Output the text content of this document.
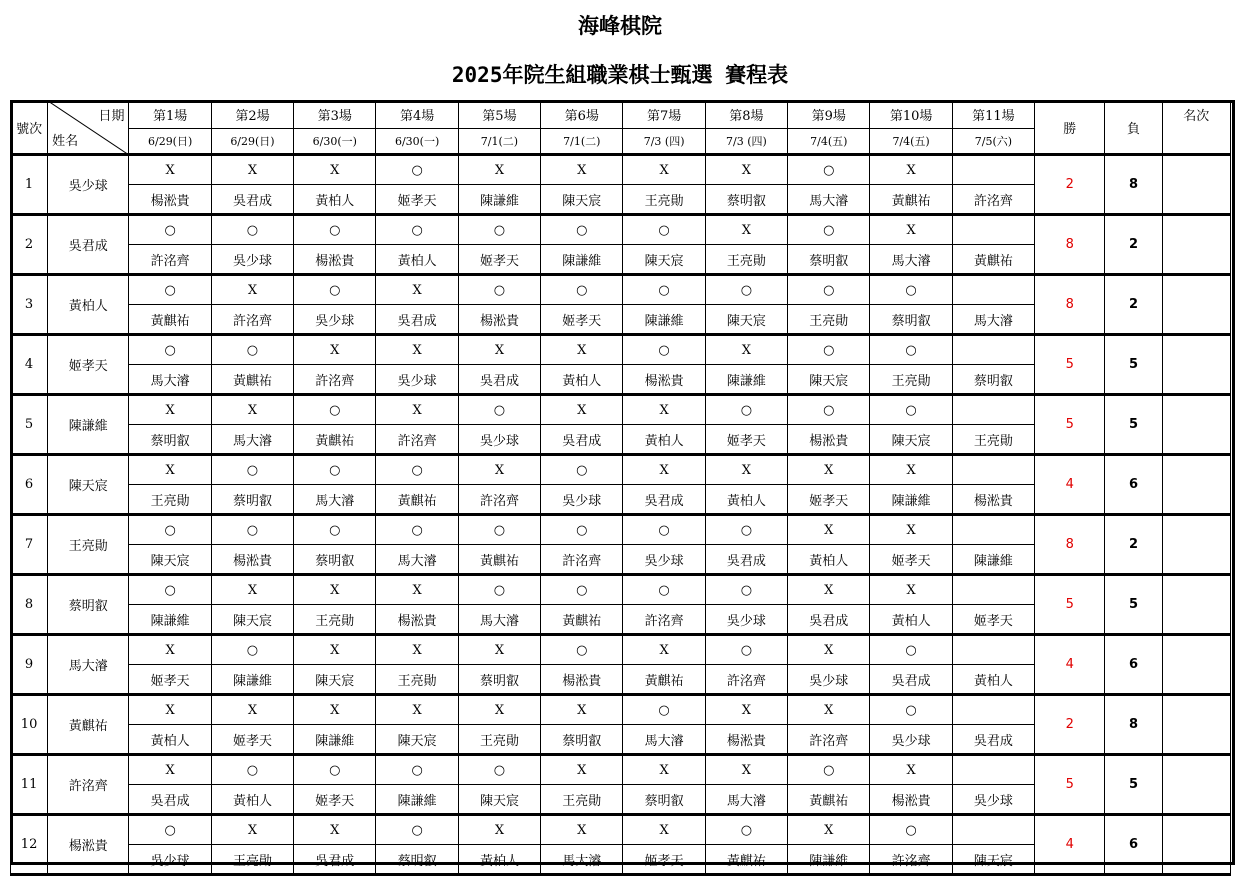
海峰棋院
2025年院生組職業棋士甄選 賽程表
號次	日期
姓名	第1場	第2場	第3場	第4場	第5場	第6場	第7場	第8場	第9場	第10場	第11場	勝	負	名次
		6/29(日)	6/29(日)	6/30(一)	6/30(一)	7/1(二)	7/1(二)	7/3 (四)	7/3 (四)	7/4(五)	7/4(五)	7/5(六)			
1	吳少球	X	X	X	○	X	X	X	X	○	X		2	8	
		楊淞貴	吳君成	黃柏人	姬孝天	陳謙維	陳天宸	王亮勛	蔡明叡	馬大濬	黃麒祐	許洺齊			
2	吳君成	○	○	○	○	○	○	○	X	○	X		8	2	
		許洺齊	吳少球	楊淞貴	黃柏人	姬孝天	陳謙維	陳天宸	王亮勛	蔡明叡	馬大濬	黃麒祐			
3	黃柏人	○	X	○	X	○	○	○	○	○	○		8	2	
		黃麒祐	許洺齊	吳少球	吳君成	楊淞貴	姬孝天	陳謙維	陳天宸	王亮勛	蔡明叡	馬大濬			
4	姬孝天	○	○	X	X	X	X	○	X	○	○		5	5	
		馬大濬	黃麒祐	許洺齊	吳少球	吳君成	黃柏人	楊淞貴	陳謙維	陳天宸	王亮勛	蔡明叡			
5	陳謙維	X	X	○	X	○	X	X	○	○	○		5	5	
		蔡明叡	馬大濬	黃麒祐	許洺齊	吳少球	吳君成	黃柏人	姬孝天	楊淞貴	陳天宸	王亮勛			
6	陳天宸	X	○	○	○	X	○	X	X	X	X		4	6	
		王亮勛	蔡明叡	馬大濬	黃麒祐	許洺齊	吳少球	吳君成	黃柏人	姬孝天	陳謙維	楊淞貴			
7	王亮勛	○	○	○	○	○	○	○	○	X	X		8	2	
		陳天宸	楊淞貴	蔡明叡	馬大濬	黃麒祐	許洺齊	吳少球	吳君成	黃柏人	姬孝天	陳謙維			
8	蔡明叡	○	X	X	X	○	○	○	○	X	X		5	5	
		陳謙維	陳天宸	王亮勛	楊淞貴	馬大濬	黃麒祐	許洺齊	吳少球	吳君成	黃柏人	姬孝天			
9	馬大濬	X	○	X	X	X	○	X	○	X	○		4	6	
		姬孝天	陳謙維	陳天宸	王亮勛	蔡明叡	楊淞貴	黃麒祐	許洺齊	吳少球	吳君成	黃柏人			
10	黃麒祐	X	X	X	X	X	X	○	X	X	○		2	8	
		黃柏人	姬孝天	陳謙維	陳天宸	王亮勛	蔡明叡	馬大濬	楊淞貴	許洺齊	吳少球	吳君成			
11	許洺齊	X	○	○	○	○	X	X	X	○	X		5	5	
		吳君成	黃柏人	姬孝天	陳謙維	陳天宸	王亮勛	蔡明叡	馬大濬	黃麒祐	楊淞貴	吳少球			
12	楊淞貴	○	X	X	○	X	X	X	○	X	○		4	6	
		吳少球	王亮勛	吳君成	蔡明叡	黃柏人	馬大濬	姬孝天	黃麒祐	陳謙維	許洺齊	陳天宸			
